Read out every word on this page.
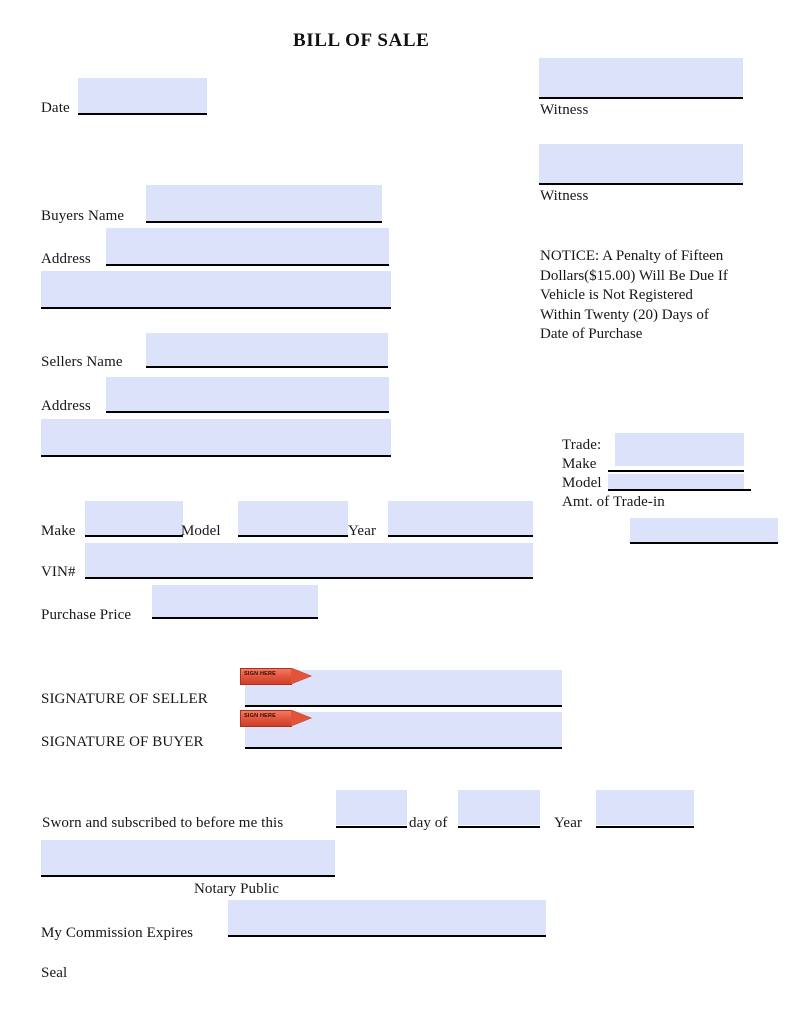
BILL OF SALE
Date	Witness
Witness
Buyers Name
Address
Sellers Name
Address
NOTICE: A Penalty of Fifteen
Dollars($15.00) Will Be Due If
Vehicle is Not Registered
Within Twenty (20) Days of
Date of Purchase
Trade:
Make
Model
Amt. of Trade-in
Make	Model	Year
VIN#
Purchase Price
SIGNATURE OF SELLER
SIGN HERE
SIGNATURE OF BUYER
SIGN HERE
Sworn and subscribed to before me this	day of	Year
Notary Public
My Commission Expires
Seal
